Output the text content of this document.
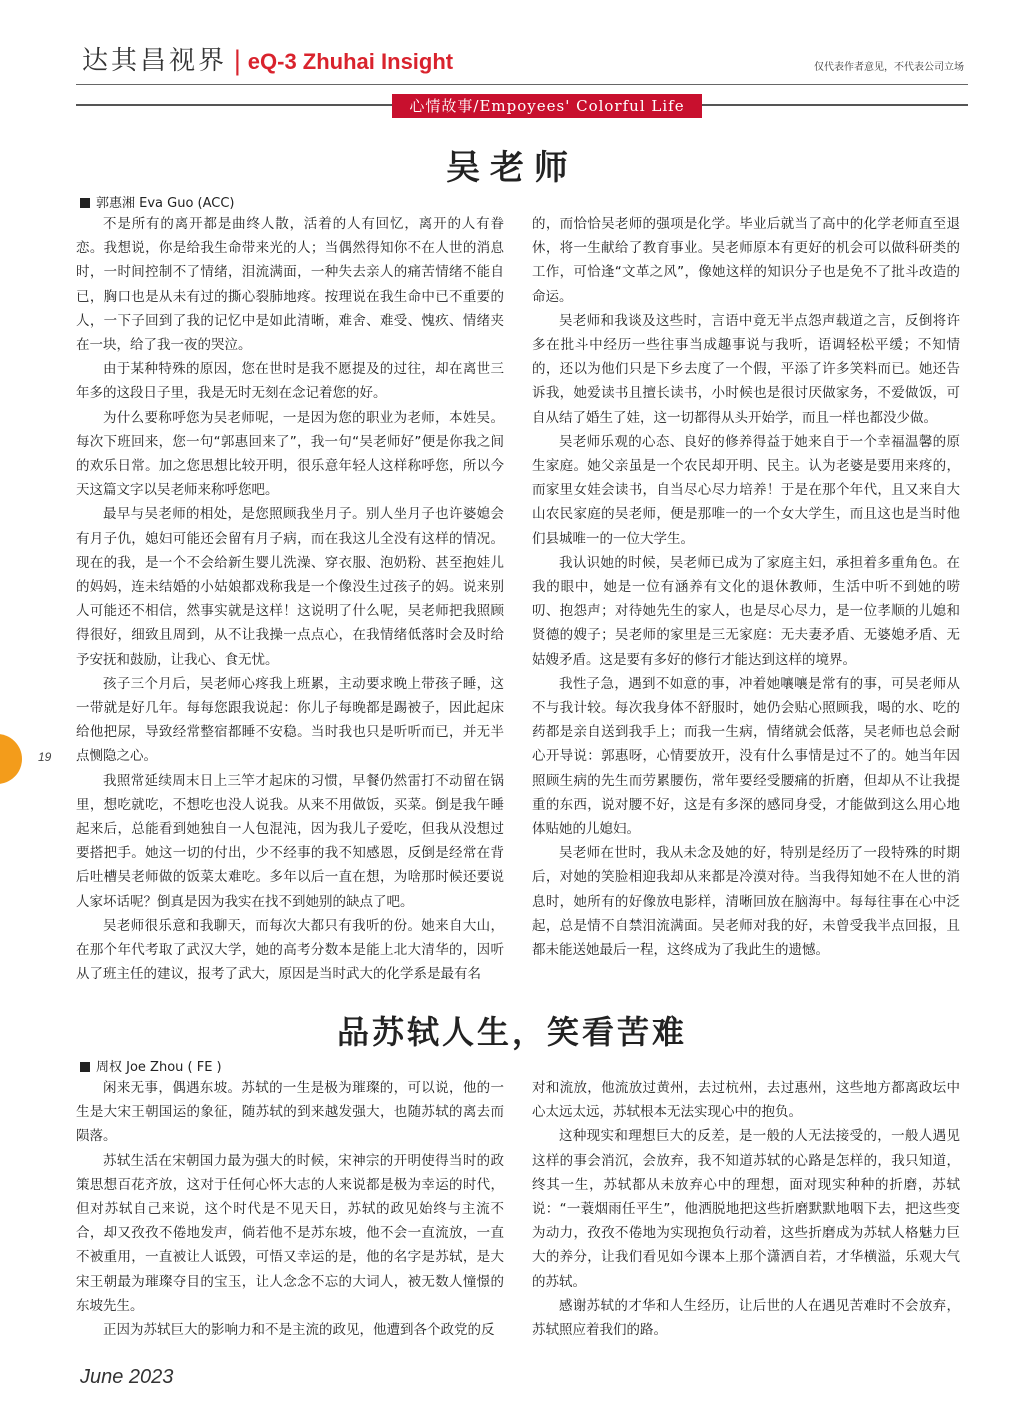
达其昌视界 | eQ-3 Zhuhai Insight	仅代表作者意见，不代表公司立场
心情故事/Empoyees' Colorful Life
吴老师
郭惠湘 Eva Guo (ACC)

不是所有的离开都是曲终人散，活着的人有回忆，离开的人有眷恋。我想说，你是给我生命带来光的人；当偶然得知你不在人世的消息时，一时间控制不了情绪，泪流满面，一种失去亲人的痛苦情绪不能自已，胸口也是从未有过的撕心裂肺地疼。按理说在我生命中已不重要的人，一下子回到了我的记忆中是如此清晰，难舍、难受、愧疚、情绪夹在一块，给了我一夜的哭泣。

由于某种特殊的原因，您在世时是我不愿提及的过往，却在离世三年多的这段日子里，我是无时无刻在念记着您的好。

为什么要称呼您为吴老师呢，一是因为您的职业为老师，本姓吴。每次下班回来，您一句“郭惠回来了”，我一句“吴老师好”便是你我之间的欢乐日常。加之您思想比较开明，很乐意年轻人这样称呼您，所以今天这篇文字以吴老师来称呼您吧。

最早与吴老师的相处，是您照顾我坐月子。别人坐月子也许婆媳会有月子仇，媳妇可能还会留有月子病，而在我这儿全没有这样的情况。现在的我，是一个不会给新生婴儿洗澡、穿衣服、泡奶粉、甚至抱娃儿的妈妈，连未结婚的小姑娘都戏称我是一个像没生过孩子的妈。说来别人可能还不相信，然事实就是这样！这说明了什么呢，吴老师把我照顾得很好，细致且周到，从不让我操一点点心，在我情绪低落时会及时给予安抚和鼓励，让我心、食无忧。

孩子三个月后，吴老师心疼我上班累，主动要求晚上带孩子睡，这一带就是好几年。每每您跟我说起：你儿子每晚都是踢被子，因此起床给他把尿，导致经常整宿都睡不安稳。当时我也只是听听而已，并无半点恻隐之心。

我照常延续周末日上三竿才起床的习惯，早餐仍然雷打不动留在锅里，想吃就吃，不想吃也没人说我。从来不用做饭，买菜。倒是我午睡起来后，总能看到她独自一人包混沌，因为我儿子爱吃，但我从没想过要搭把手。她这一切的付出，少不经事的我不知感恩，反倒是经常在背后吐槽吴老师做的饭菜太难吃。多年以后一直在想，为啥那时候还要说人家坏话呢？倒真是因为我实在找不到她别的缺点了吧。

吴老师很乐意和我聊天，而每次大都只有我听的份。她来自大山，在那个年代考取了武汉大学，她的高考分数本是能上北大清华的，因听从了班主任的建议，报考了武大，原因是当时武大的化学系是最有名

的，而恰恰吴老师的强项是化学。毕业后就当了高中的化学老师直至退休，将一生献给了教育事业。吴老师原本有更好的机会可以做科研类的工作，可恰逢“文革之风”，像她这样的知识分子也是免不了批斗改造的命运。

吴老师和我谈及这些时，言语中竟无半点怨声载道之言，反倒将许多在批斗中经历一些往事当成趣事说与我听，语调轻松平缓；不知情的，还以为他们只是下乡去度了一个假，平添了许多笑料而已。她还告诉我，她爱读书且擅长读书，小时候也是很讨厌做家务，不爱做饭，可自从结了婚生了娃，这一切都得从头开始学，而且一样也都没少做。

吴老师乐观的心态、良好的修养得益于她来自于一个幸福温馨的原生家庭。她父亲虽是一个农民却开明、民主。认为老婆是要用来疼的，而家里女娃会读书，自当尽心尽力培养！于是在那个年代，且又来自大山农民家庭的吴老师，便是那唯一的一个女大学生，而且这也是当时他们县城唯一的一位大学生。

我认识她的时候，吴老师已成为了家庭主妇，承担着多重角色。在我的眼中，她是一位有涵养有文化的退休教师，生活中听不到她的唠叨、抱怨声；对待她先生的家人，也是尽心尽力，是一位孝顺的儿媳和贤德的嫂子；吴老师的家里是三无家庭：无夫妻矛盾、无婆媳矛盾、无姑嫂矛盾。这是要有多好的修行才能达到这样的境界。

我性子急，遇到不如意的事，冲着她嚷嚷是常有的事，可吴老师从不与我计较。每次我身体不舒服时，她仍会贴心照顾我，喝的水、吃的药都是亲自送到我手上；而我一生病，情绪就会低落，吴老师也总会耐心开导说：郭惠呀，心情要放开，没有什么事情是过不了的。她当年因照顾生病的先生而劳累腰伤，常年要经受腰痛的折磨，但却从不让我提重的东西，说对腰不好，这是有多深的感同身受，才能做到这么用心地体贴她的儿媳妇。

吴老师在世时，我从未念及她的好，特别是经历了一段特殊的时期后，对她的笑脸相迎我却从来都是冷漠对待。当我得知她不在人世的消息时，她所有的好像放电影样，清晰回放在脑海中。每每往事在心中泛起，总是情不自禁泪流满面。吴老师对我的好，未曾受我半点回报，且都未能送她最后一程，这终成为了我此生的遗憾。

19
品苏轼人生，笑看苦难
周权 Joe Zhou ( FE )

闲来无事，偶遇东坡。苏轼的一生是极为璀璨的，可以说，他的一生是大宋王朝国运的象征，随苏轼的到来越发强大，也随苏轼的离去而陨落。

苏轼生活在宋朝国力最为强大的时候，宋神宗的开明使得当时的政策思想百花齐放，这对于任何心怀大志的人来说都是极为幸运的时代，但对苏轼自己来说，这个时代是不见天日，苏轼的政见始终与主流不合，却又孜孜不倦地发声，倘若他不是苏东坡，他不会一直流放，一直不被重用，一直被让人诋毁，可悟又幸运的是，他的名字是苏轼，是大宋王朝最为璀璨夺目的宝玉，让人念念不忘的大词人，被无数人憧憬的东坡先生。

正因为苏轼巨大的影响力和不是主流的政见，他遭到各个政党的反

对和流放，他流放过黄州，去过杭州，去过惠州，这些地方都离政坛中心太远太远，苏轼根本无法实现心中的抱负。

这种现实和理想巨大的反差，是一般的人无法接受的，一般人遇见这样的事会消沉，会放弃，我不知道苏轼的心路是怎样的，我只知道，终其一生，苏轼都从未放弃心中的理想，面对现实种种的折磨，苏轼说：“一蓑烟雨任平生”，他洒脱地把这些折磨默默地咽下去，把这些变为动力，孜孜不倦地为实现抱负行动着，这些折磨成为苏轼人格魅力巨大的养分，让我们看见如今课本上那个潇洒自若，才华横溢，乐观大气的苏轼。

感谢苏轼的才华和人生经历，让后世的人在遇见苦难时不会放弃，苏轼照应着我们的路。

June 2023
